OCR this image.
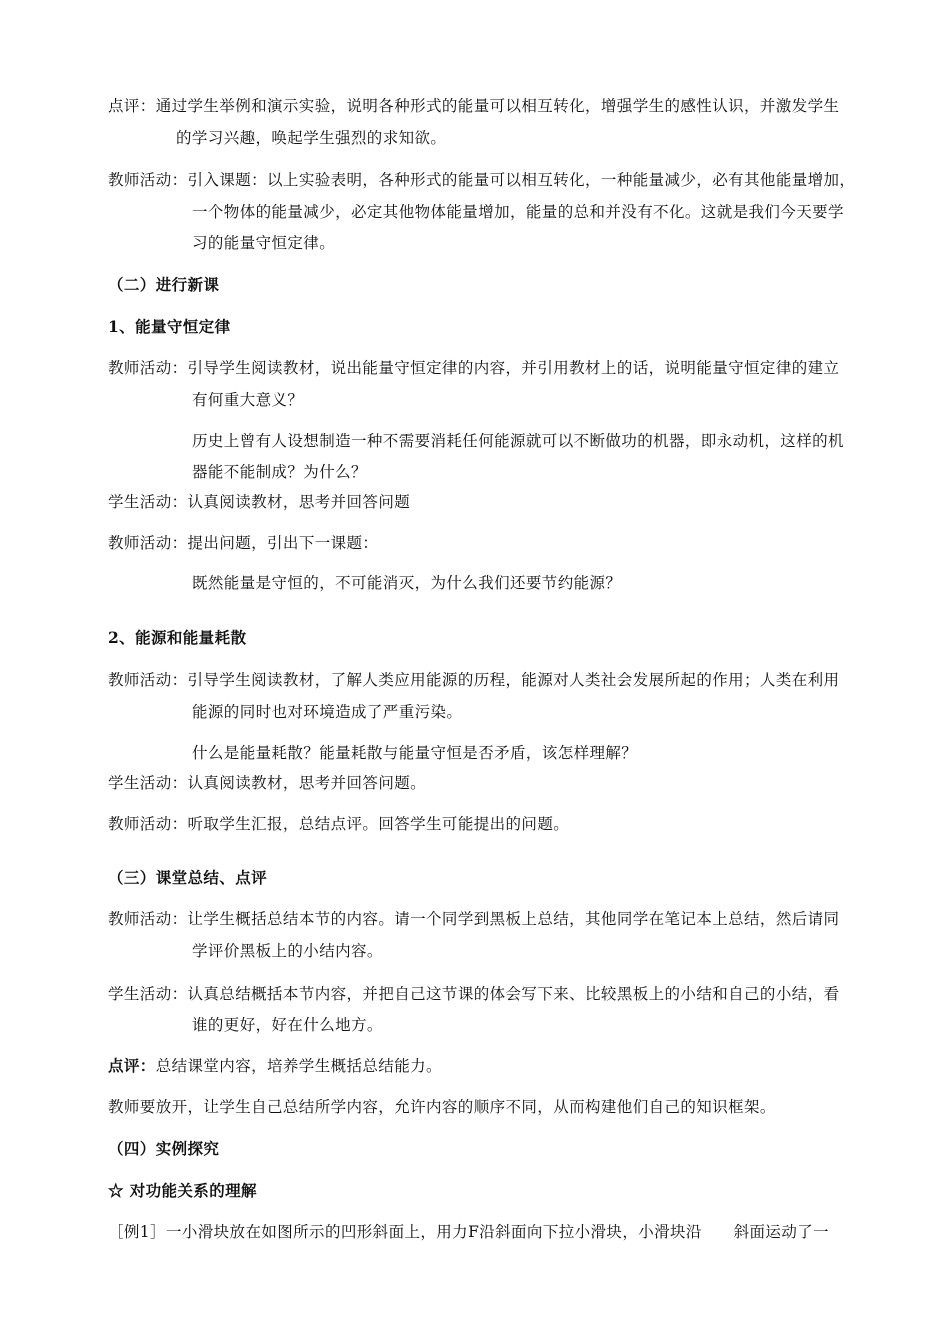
点评：通过学生举例和演示实验，说明各种形式的能量可以相互转化，增强学生的感性认识，并激发学生
的学习兴趣，唤起学生强烈的求知欲。
教师活动：引入课题：以上实验表明，各种形式的能量可以相互转化，一种能量减少，必有其他能量增加，
一个物体的能量减少，必定其他物体能量增加，能量的总和并没有不化。这就是我们今天要学
习的能量守恒定律。
（二）进行新课
1、能量守恒定律
教师活动：引导学生阅读教材，说出能量守恒定律的内容，并引用教材上的话，说明能量守恒定律的建立
有何重大意义？
历史上曾有人设想制造一种不需要消耗任何能源就可以不断做功的机器，即永动机，这样的机
器能不能制成？为什么？
学生活动：认真阅读教材，思考并回答问题
教师活动：提出问题，引出下一课题：
既然能量是守恒的，不可能消灭，为什么我们还要节约能源？
2、能源和能量耗散
教师活动：引导学生阅读教材，了解人类应用能源的历程，能源对人类社会发展所起的作用；人类在利用
能源的同时也对环境造成了严重污染。
什么是能量耗散？能量耗散与能量守恒是否矛盾，该怎样理解？
学生活动：认真阅读教材，思考并回答问题。
教师活动：听取学生汇报，总结点评。回答学生可能提出的问题。
（三）课堂总结、点评
教师活动：让学生概括总结本节的内容。请一个同学到黑板上总结，其他同学在笔记本上总结，然后请同
学评价黑板上的小结内容。
学生活动：认真总结概括本节内容，并把自己这节课的体会写下来、比较黑板上的小结和自己的小结，看
谁的更好，好在什么地方。
点评：总结课堂内容，培养学生概括总结能力。
教师要放开，让学生自己总结所学内容，允许内容的顺序不同，从而构建他们自己的知识框架。
（四）实例探究
☆ 对功能关系的理解
［例1］一小滑块放在如图所示的凹形斜面上，用力F沿斜面向下拉小滑块，小滑块沿　　斜面运动了一
